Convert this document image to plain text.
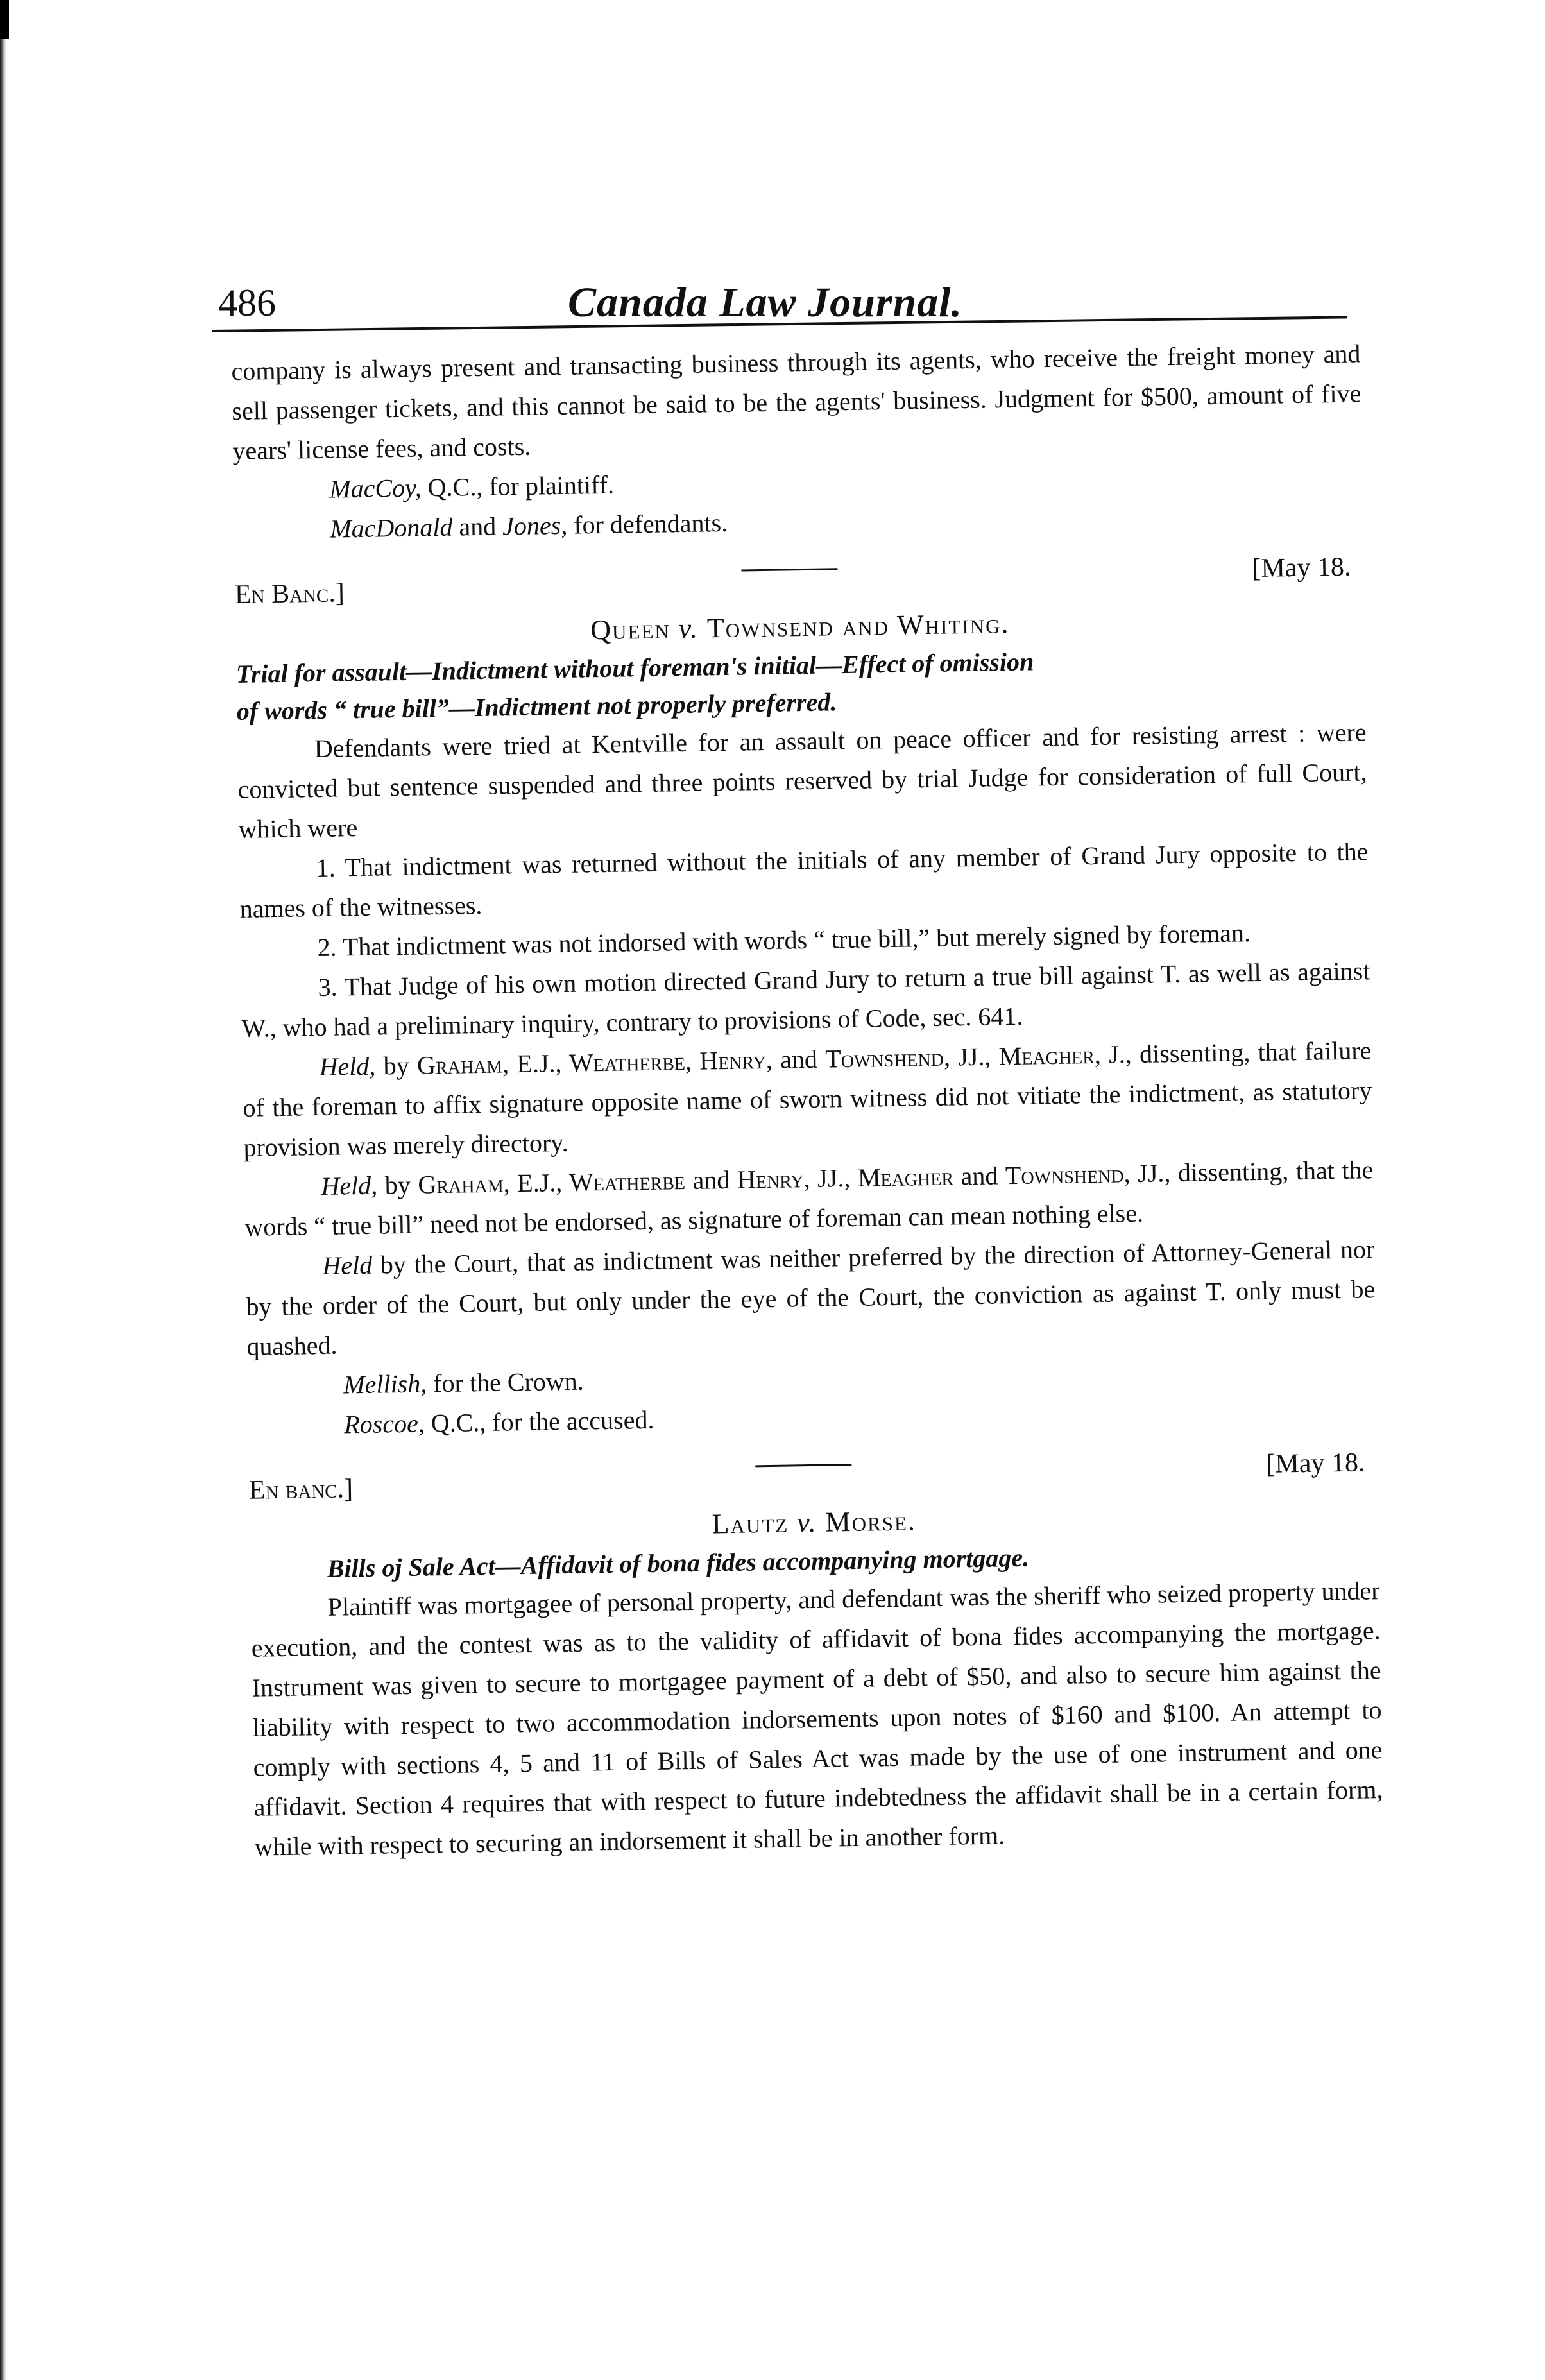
486	Canada Law Journal.

company is always present and transacting business through its agents, who receive the freight money and sell passenger tickets, and this cannot be said to be the agents' business. Judgment for $500, amount of five years' license fees, and costs.

MacCoy, Q.C., for plaintiff.

MacDonald and Jones, for defendants.

En Banc.]
[May 18.

Queen v. Townsend and Whiting.

Trial for assault—Indictment without foreman's initial—Effect of omission

of words “ true bill”—Indictment not properly preferred.

Defendants were tried at Kentville for an assault on peace officer and for resisting arrest : were convicted but sentence suspended and three points reserved by trial Judge for consideration of full Court, which were

1. That indictment was returned without the initials of any member of Grand Jury opposite to the names of the witnesses.

2. That indictment was not indorsed with words “ true bill,” but merely signed by foreman.

3. That Judge of his own motion directed Grand Jury to return a true bill against T. as well as against W., who had a preliminary inquiry, contrary to provisions of Code, sec. 641.

Held, by Graham, E.J., Weatherbe, Henry, and Townshend, JJ., Meagher, J., dissenting, that failure of the foreman to affix signature opposite name of sworn witness did not vitiate the indictment, as statutory provision was merely directory.

Held, by Graham, E.J., Weatherbe and Henry, JJ., Meagher and Townshend, JJ., dissenting, that the words “ true bill” need not be endorsed, as signature of foreman can mean nothing else.

Held by the Court, that as indictment was neither preferred by the direction of Attorney-General nor by the order of the Court, but only under the eye of the Court, the conviction as against T. only must be quashed.

Mellish, for the Crown.

Roscoe, Q.C., for the accused.

En banc.]
[May 18.

Lautz v. Morse.

Bills oj Sale Act—Affidavit of bona fides accompanying mortgage.

Plaintiff was mortgagee of personal property, and defendant was the sheriff who seized property under execution, and the contest was as to the validity of affidavit of bona fides accompanying the mortgage. Instrument was given to secure to mortgagee payment of a debt of $50, and also to secure him against the liability with respect to two accommodation indorsements upon notes of $160 and $100. An attempt to comply with sections 4, 5 and 11 of Bills of Sales Act was made by the use of one instrument and one affidavit. Section 4 requires that with respect to future indebtedness the affidavit shall be in a certain form, while with respect to securing an indorsement it shall be in another form.
